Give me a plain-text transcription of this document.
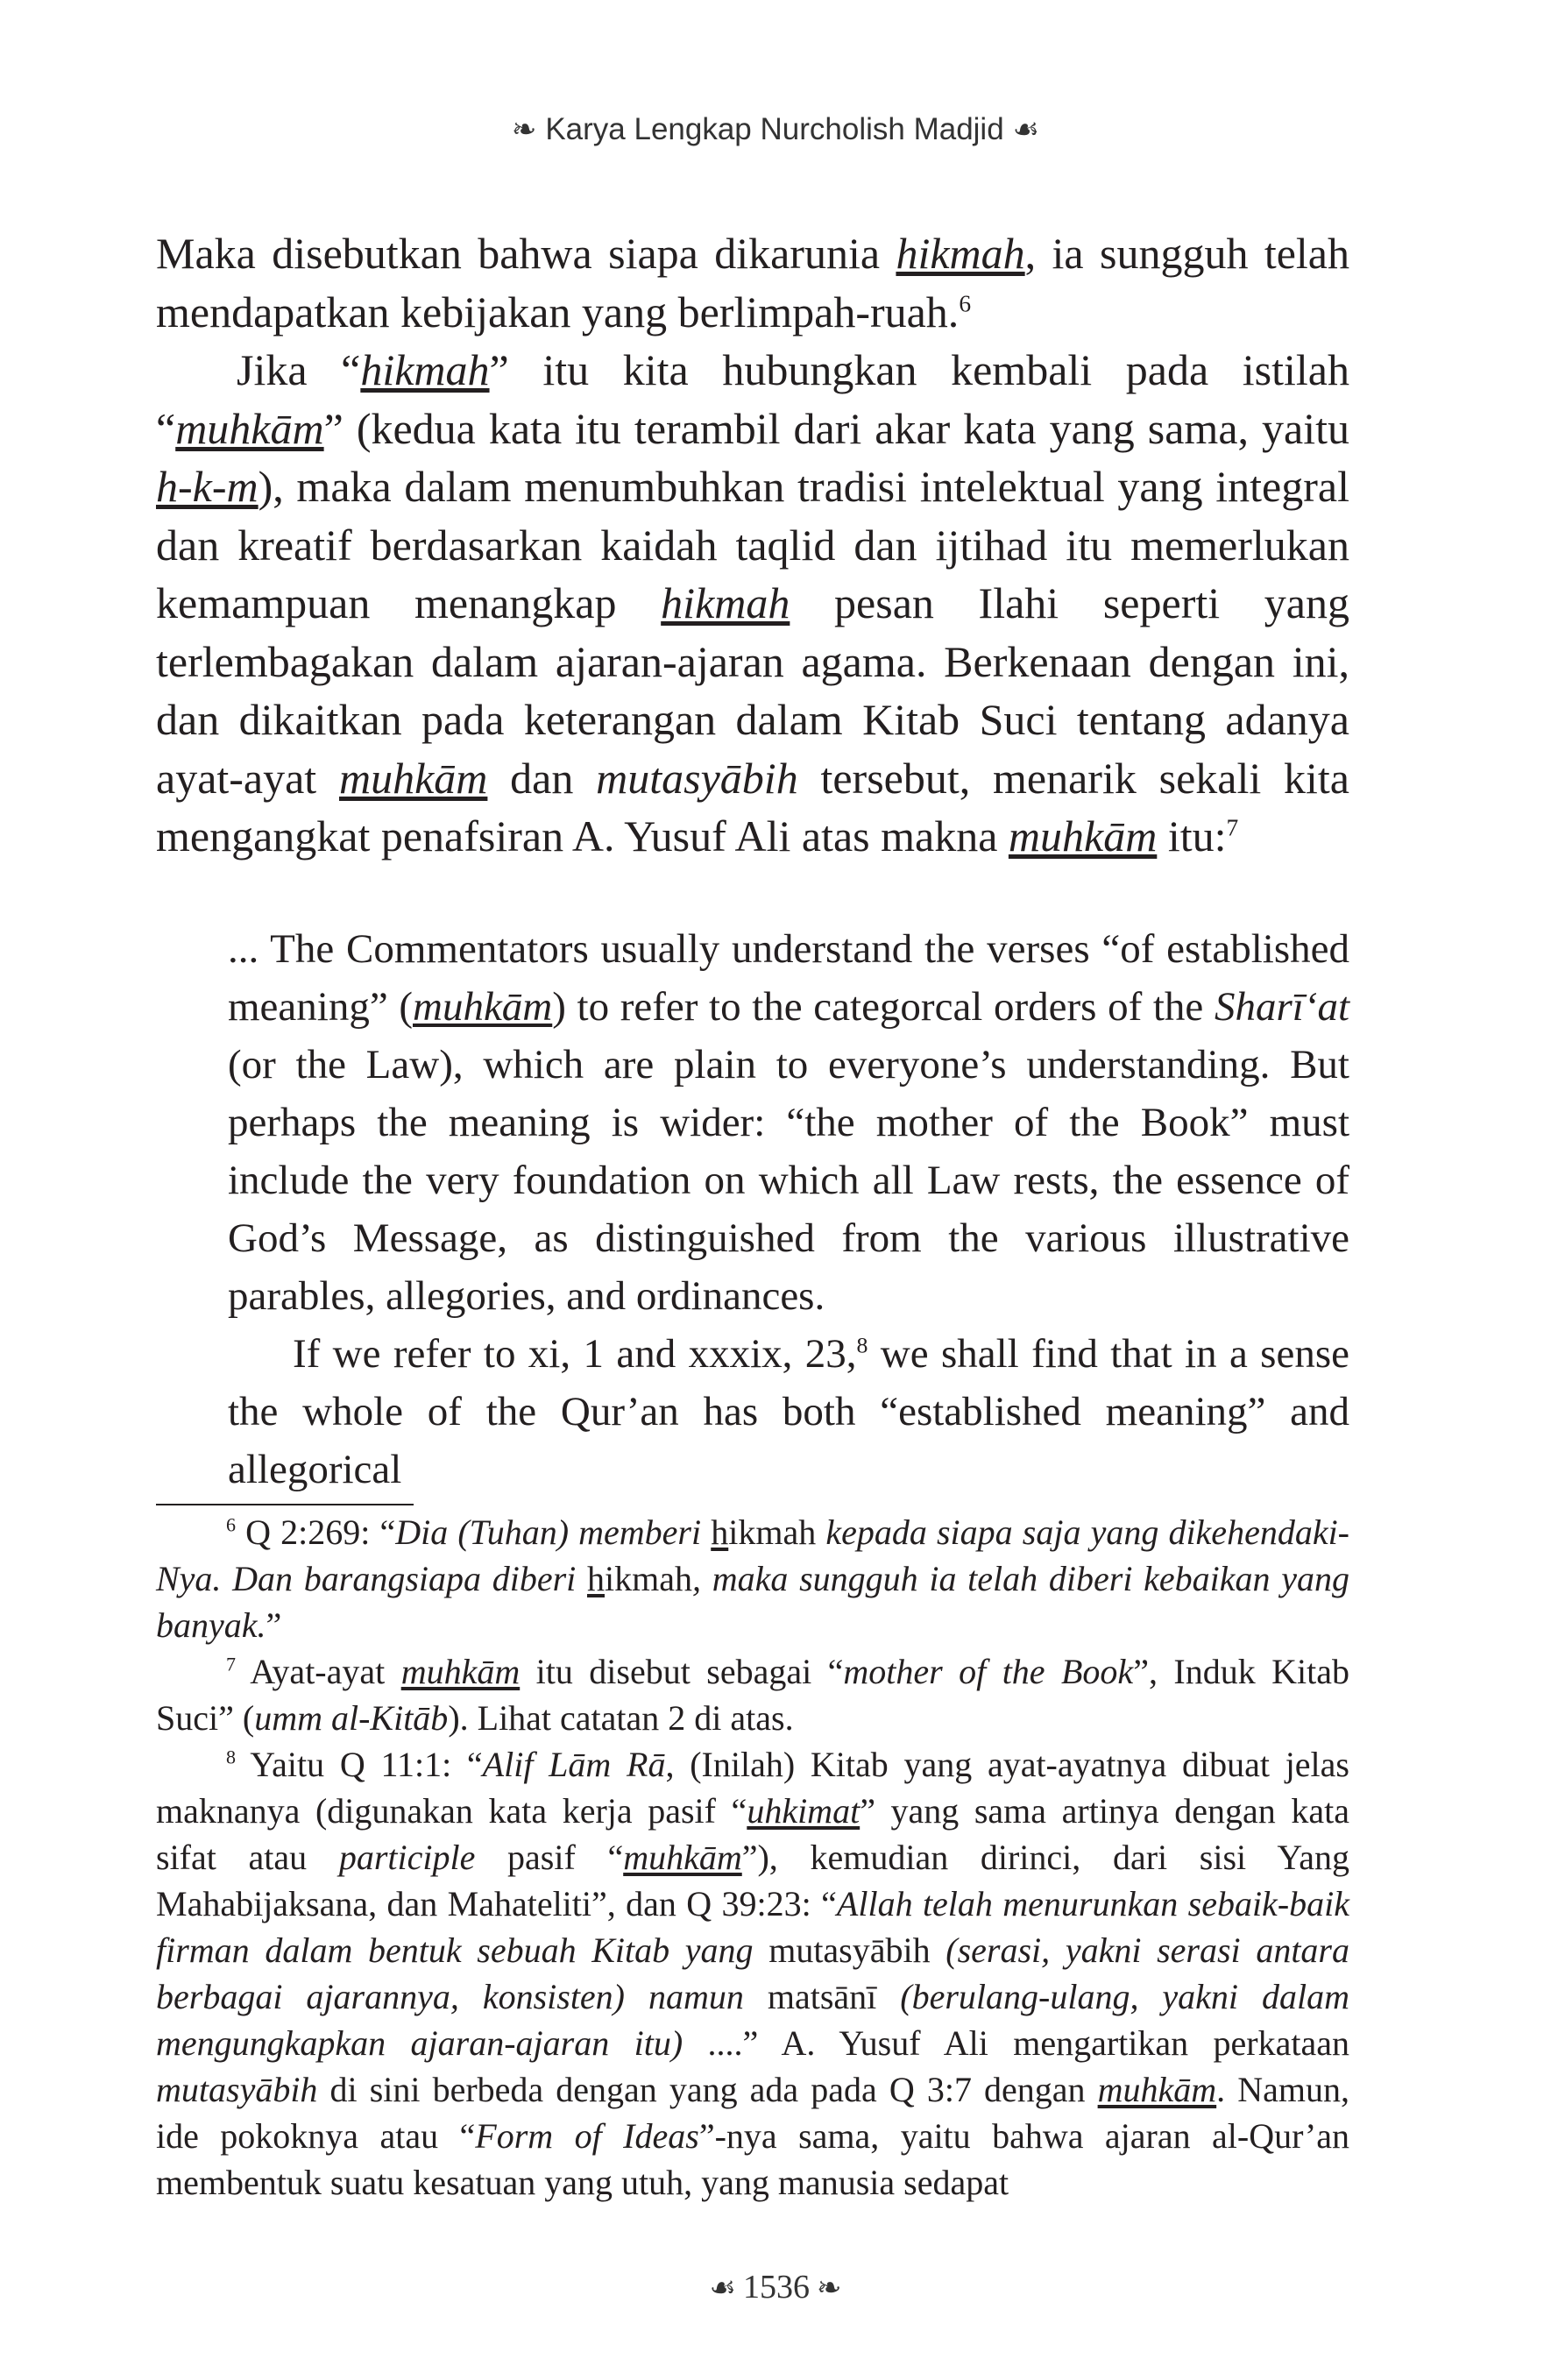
❧ Karya Lengkap Nurcholish Madjid ☙

Maka disebutkan bahwa siapa dikarunia hikmah, ia sungguh telah mendapatkan kebijakan yang berlimpah-ruah.$^6$

Jika “hikmah” itu kita hubungkan kembali pada istilah “muhkām” (kedua kata itu terambil dari akar kata yang sama, yaitu h-k-m), maka dalam menumbuhkan tradisi intelektual yang integral dan kreatif berdasarkan kaidah taqlid dan ijtihad itu memerlukan kemampuan menangkap hikmah pesan Ilahi seperti yang terlembagakan dalam ajaran-ajaran agama. Berkenaan dengan ini, dan dikaitkan pada keterangan dalam Kitab Suci tentang adanya ayat-ayat muhkām dan mutasyābih tersebut, menarik sekali kita mengangkat penafsiran A. Yusuf Ali atas makna muhkām itu:$^7$

... The Commentators usually understand the verses “of established meaning” (muhkām) to refer to the categorcal orders of the Sharī‘at (or the Law), which are plain to everyone’s understanding. But perhaps the meaning is wider: “the mother of the Book” must include the very foundation on which all Law rests, the essence of God’s Message, as distinguished from the various illustrative parables, allegories, and ordinances.

If we refer to xi, 1 and xxxix, 23,$^8$ we shall find that in a sense the whole of the Qur’an has both “established meaning” and allegorical

$^6$ Q 2:269: “Dia (Tuhan) memberi hikmah kepada siapa saja yang dikehendaki-Nya. Dan barangsiapa diberi hikmah, maka sungguh ia telah diberi kebaikan yang banyak.”

$^7$ Ayat-ayat muhkām itu disebut sebagai “mother of the Book”, Induk Kitab Suci” (umm al-Kitāb). Lihat catatan 2 di atas.

$^8$ Yaitu Q 11:1: “Alif Lām Rā, (Inilah) Kitab yang ayat-ayatnya dibuat jelas maknanya (digunakan kata kerja pasif “uhkimat” yang sama artinya dengan kata sifat atau participle pasif “muhkām”), kemudian dirinci, dari sisi Yang Mahabijaksana, dan Mahateliti”, dan Q 39:23: “Allah telah menurunkan sebaik-baik firman dalam bentuk sebuah Kitab yang mutasyābih (serasi, yakni serasi antara berbagai ajarannya, konsisten) namun matsānī (berulang-ulang, yakni dalam mengungkapkan ajaran-ajaran itu) ....” A. Yusuf Ali mengartikan perkataan mutasyābih di sini berbeda dengan yang ada pada Q 3:7 dengan muhkām. Namun, ide pokoknya atau “Form of Ideas”-nya sama, yaitu bahwa ajaran al-Qur’an membentuk suatu kesatuan yang utuh, yang manusia sedapat

☙ 1536 ❧
